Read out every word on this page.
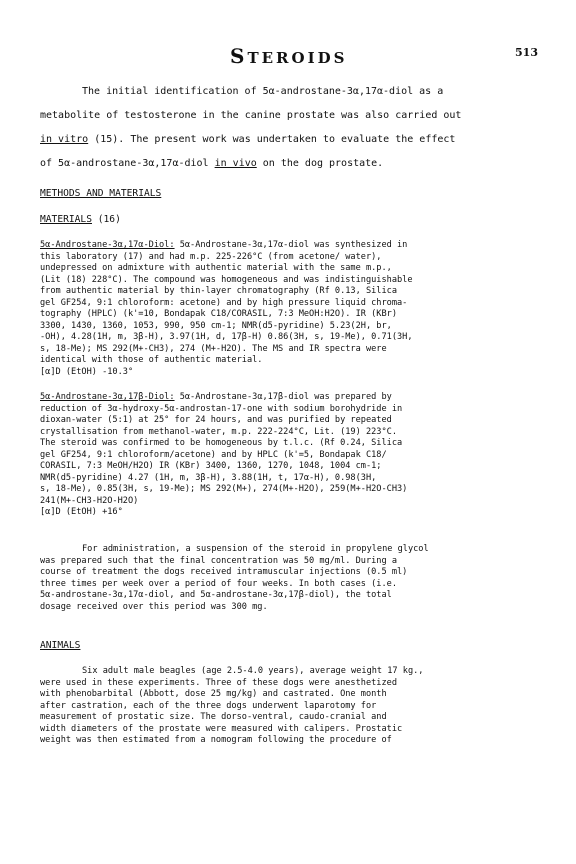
STEROIDS	513

The initial identification of 5α-androstane-3α,17α-diol as a

metabolite of testosterone in the canine prostate was also carried out

in vitro (15). The present work was undertaken to evaluate the effect

of 5α-androstane-3α,17α-diol in vivo on the dog prostate.

METHODS AND MATERIALS
MATERIALS (16)

5α-Androstane-3α,17α-Diol: 5α-Androstane-3α,17α-diol was synthesized in

this laboratory (17) and had m.p. 225-226°C (from acetone/ water),

undepressed on admixture with authentic material with the same m.p.,

(Lit (18) 228°C). The compound was homogeneous and was indistinguishable

from authentic material by thin-layer chromatography (Rf 0.13, Silica

gel GF254, 9:1 chloroform: acetone) and by high pressure liquid chroma-

tography (HPLC) (k'=10, Bondapak C18/CORASIL, 7:3 MeOH:H2O). IR (KBr)

3300, 1430, 1360, 1053, 990, 950 cm-1; NMR(d5-pyridine) 5.23(2H, br,

-OH), 4.28(1H, m, 3β-H), 3.97(1H, d, 17β-H) 0.86(3H, s, 19-Me), 0.71(3H,

s, 18-Me); MS 292(M+-CH3), 274 (M+-H2O). The MS and IR spectra were

identical with those of authentic material.

[α]D (EtOH) -10.3°

5α-Androstane-3α,17β-Diol: 5α-Androstane-3α,17β-diol was prepared by

reduction of 3α-hydroxy-5α-androstan-17-one with sodium borohydride in

dioxan-water (5:1) at 25° for 24 hours, and was purified by repeated

crystallisation from methanol-water, m.p. 222-224°C, Lit. (19) 223°C.

The steroid was confirmed to be homogeneous by t.l.c. (Rf 0.24, Silica

gel GF254, 9:1 chloroform/acetone) and by HPLC (k'=5, Bondapak C18/

CORASIL, 7:3 MeOH/H2O) IR (KBr) 3400, 1360, 1270, 1048, 1004 cm-1;

NMR(d5-pyridine) 4.27 (1H, m, 3β-H), 3.88(1H, t, 17α-H), 0.98(3H,

s, 18-Me), 0.85(3H, s, 19-Me); MS 292(M+), 274(M+-H2O), 259(M+-H2O-CH3)

241(M+-CH3-H2O-H2O)

[α]D (EtOH) +16°

For administration, a suspension of the steroid in propylene glycol

was prepared such that the final concentration was 50 mg/ml. During a

course of treatment the dogs received intramuscular injections (0.5 ml)

three times per week over a period of four weeks. In both cases (i.e.

5α-androstane-3α,17α-diol, and 5α-androstane-3α,17β-diol), the total

dosage received over this period was 300 mg.

ANIMALS

Six adult male beagles (age 2.5-4.0 years), average weight 17 kg.,

were used in these experiments. Three of these dogs were anesthetized

with phenobarbital (Abbott, dose 25 mg/kg) and castrated. One month

after castration, each of the three dogs underwent laparotomy for

measurement of prostatic size. The dorso-ventral, caudo-cranial and

width diameters of the prostate were measured with calipers. Prostatic

weight was then estimated from a nomogram following the procedure of
